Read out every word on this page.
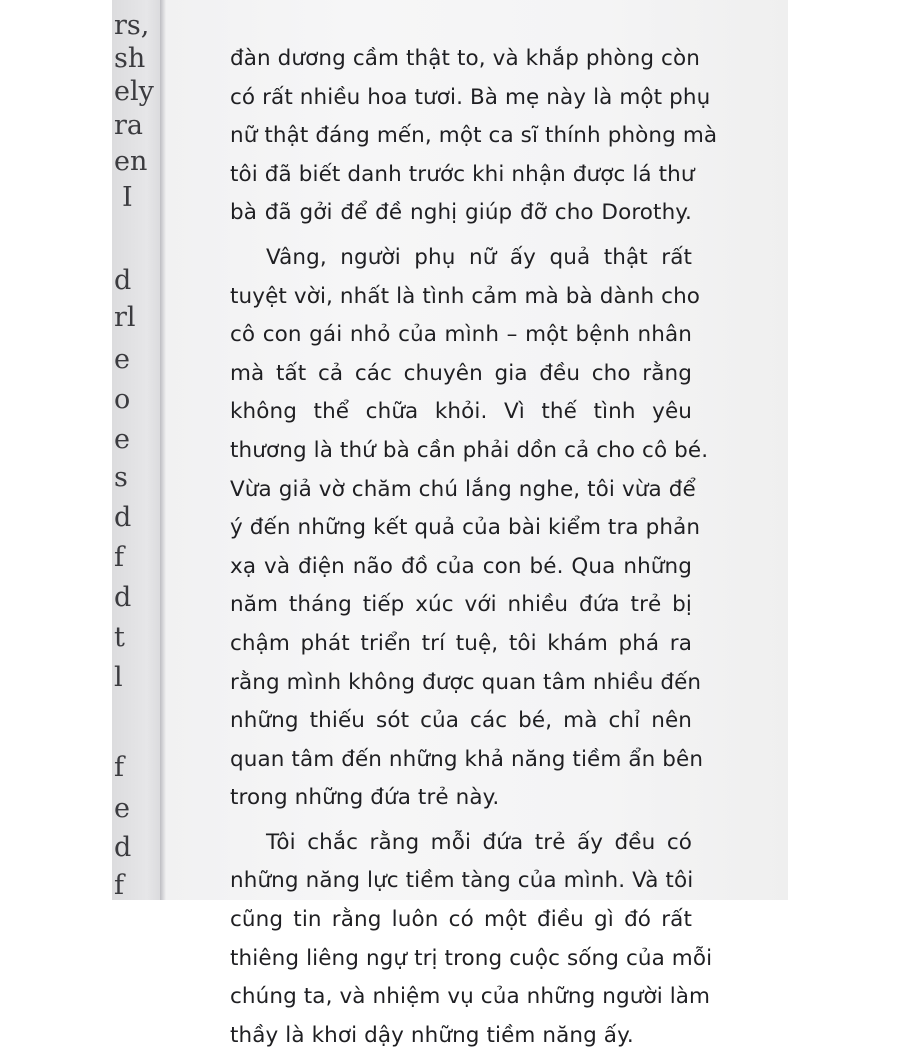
rs,
sh
ely
ra
en
I
d
rl
e
o
e
s
d
f
d
t
l
f
e
d
f
đàn dương cầm thật to, và khắp phòng còn
có rất nhiều hoa tươi. Bà mẹ này là một phụ
nữ thật đáng mến, một ca sĩ thính phòng mà
tôi đã biết danh trước khi nhận được lá thư
bà đã gởi để đề nghị giúp đỡ cho Dorothy.
Vâng, người phụ nữ ấy quả thật rất
tuyệt vời, nhất là tình cảm mà bà dành cho
cô con gái nhỏ của mình – một bệnh nhân
mà tất cả các chuyên gia đều cho rằng
không thể chữa khỏi. Vì thế tình yêu
thương là thứ bà cần phải dồn cả cho cô bé.
Vừa giả vờ chăm chú lắng nghe, tôi vừa để
ý đến những kết quả của bài kiểm tra phản
xạ và điện não đồ của con bé. Qua những
năm tháng tiếp xúc với nhiều đứa trẻ bị
chậm phát triển trí tuệ, tôi khám phá ra
rằng mình không được quan tâm nhiều đến
những thiếu sót của các bé, mà chỉ nên
quan tâm đến những khả năng tiềm ẩn bên
trong những đứa trẻ này.
Tôi chắc rằng mỗi đứa trẻ ấy đều có
những năng lực tiềm tàng của mình. Và tôi
cũng tin rằng luôn có một điều gì đó rất
thiêng liêng ngự trị trong cuộc sống của mỗi
chúng ta, và nhiệm vụ của những người làm
thầy là khơi dậy những tiềm năng ấy.
